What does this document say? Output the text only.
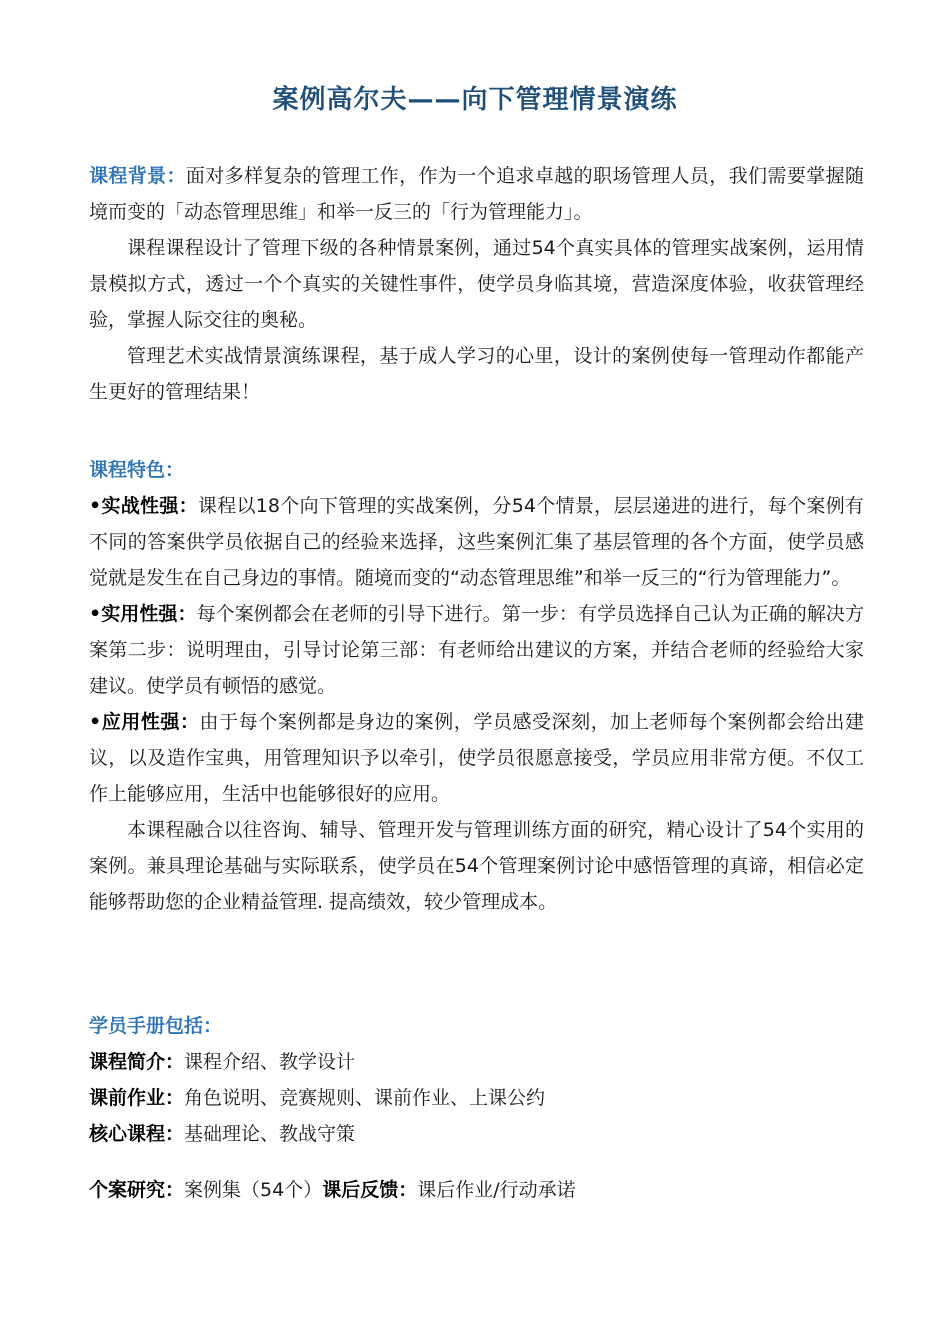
案例高尔夫——向下管理情景演练

课程背景：面对多样复杂的管理工作，作为一个追求卓越的职场管理人员，我们需要掌握随境而变的「动态管理思维」和举一反三的「行为管理能力」。

课程课程设计了管理下级的各种情景案例，通过54个真实具体的管理实战案例，运用情景模拟方式，透过一个个真实的关键性事件，使学员身临其境，营造深度体验，收获管理经验，掌握人际交往的奥秘。

管理艺术实战情景演练课程，基于成人学习的心里，设计的案例使每一管理动作都能产生更好的管理结果！

课程特色：

•实战性强：课程以18个向下管理的实战案例，分54个情景，层层递进的进行，每个案例有不同的答案供学员依据自己的经验来选择，这些案例汇集了基层管理的各个方面，使学员感觉就是发生在自己身边的事情。随境而变的“动态管理思维”和举一反三的“行为管理能力”。

•实用性强：每个案例都会在老师的引导下进行。第一步：有学员选择自己认为正确的解决方案第二步：说明理由，引导讨论第三部：有老师给出建议的方案，并结合老师的经验给大家建议。使学员有顿悟的感觉。

•应用性强：由于每个案例都是身边的案例，学员感受深刻，加上老师每个案例都会给出建议，以及造作宝典，用管理知识予以牵引，使学员很愿意接受，学员应用非常方便。不仅工作上能够应用，生活中也能够很好的应用。

本课程融合以往咨询、辅导、管理开发与管理训练方面的研究，精心设计了54个实用的案例。兼具理论基础与实际联系，使学员在54个管理案例讨论中感悟管理的真谛，相信必定能够帮助您的企业精益管理. 提高绩效，较少管理成本。

学员手册包括：

课程简介：课程介绍、教学设计
课前作业：角色说明、竞赛规则、课前作业、上课公约
核心课程：基础理论、教战守策
个案研究：案例集（54个）课后反馈：课后作业/行动承诺
